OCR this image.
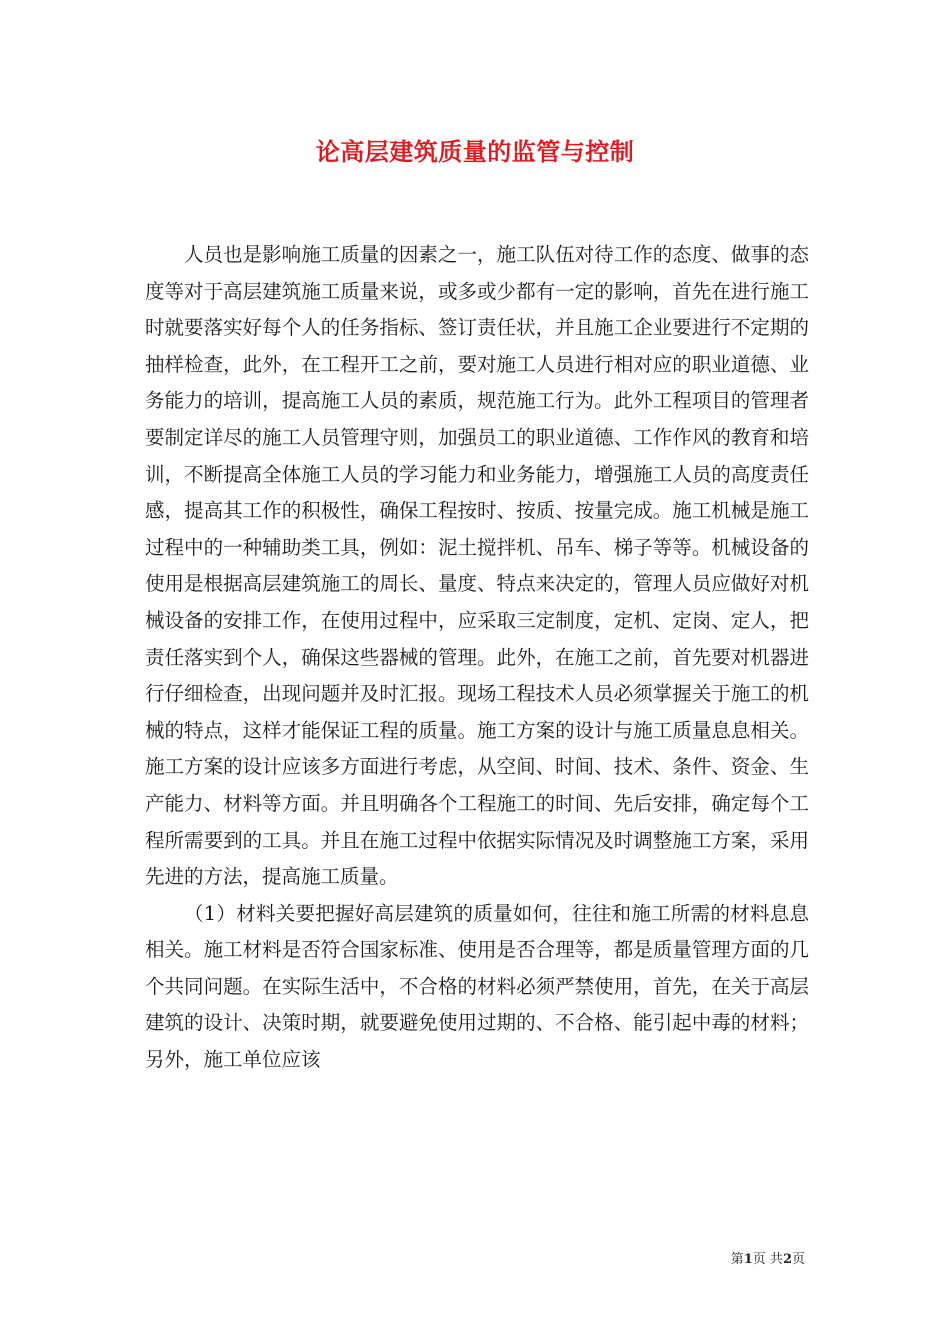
论高层建筑质量的监管与控制

人员也是影响施工质量的因素之一，施工队伍对待工作的态度、做事的态度等对于高层建筑施工质量来说，或多或少都有一定的影响，首先在进行施工时就要落实好每个人的任务指标、签订责任状，并且施工企业要进行不定期的抽样检查，此外，在工程开工之前，要对施工人员进行相对应的职业道德、业务能力的培训，提高施工人员的素质，规范施工行为。此外工程项目的管理者要制定详尽的施工人员管理守则，加强员工的职业道德、工作作风的教育和培训，不断提高全体施工人员的学习能力和业务能力，增强施工人员的高度责任感，提高其工作的积极性，确保工程按时、按质、按量完成。施工机械是施工过程中的一种辅助类工具，例如：泥土搅拌机、吊车、梯子等等。机械设备的使用是根据高层建筑施工的周长、量度、特点来决定的，管理人员应做好对机械设备的安排工作，在使用过程中，应采取三定制度，定机、定岗、定人，把责任落实到个人，确保这些器械的管理。此外，在施工之前，首先要对机器进行仔细检查，出现问题并及时汇报。现场工程技术人员必须掌握关于施工的机械的特点，这样才能保证工程的质量。施工方案的设计与施工质量息息相关。施工方案的设计应该多方面进行考虑，从空间、时间、技术、条件、资金、生产能力、材料等方面。并且明确各个工程施工的时间、先后安排，确定每个工程所需要到的工具。并且在施工过程中依据实际情况及时调整施工方案，采用先进的方法，提高施工质量。

（1）材料关要把握好高层建筑的质量如何，往往和施工所需的材料息息相关。施工材料是否符合国家标准、使用是否合理等，都是质量管理方面的几个共同问题。在实际生活中，不合格的材料必须严禁使用，首先，在关于高层建筑的设计、决策时期，就要避免使用过期的、不合格、能引起中毒的材料；另外，施工单位应该

第1页 共2页
